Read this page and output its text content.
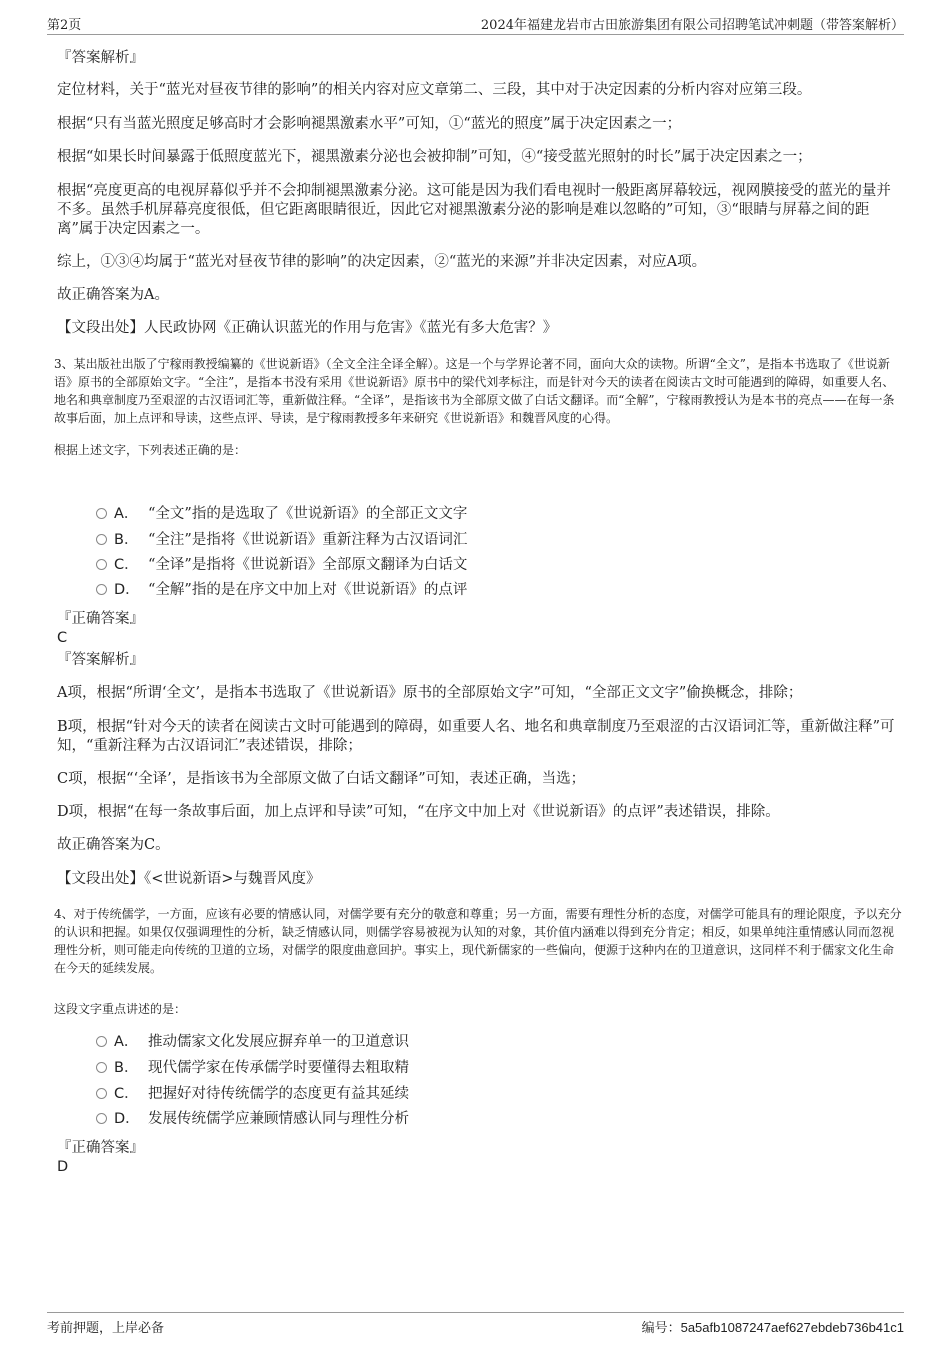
第2页	2024年福建龙岩市古田旅游集团有限公司招聘笔试冲刺题（带答案解析）

『答案解析』

定位材料，关于“蓝光对昼夜节律的影响”的相关内容对应文章第二、三段，其中对于决定因素的分析内容对应第三段。

根据“只有当蓝光照度足够高时才会影响褪黑激素水平”可知，①“蓝光的照度”属于决定因素之一；

根据“如果长时间暴露于低照度蓝光下，褪黑激素分泌也会被抑制”可知，④“接受蓝光照射的时长”属于决定因素之一；

根据“亮度更高的电视屏幕似乎并不会抑制褪黑激素分泌。这可能是因为我们看电视时一般距离屏幕较远，视网膜接受的蓝光的量并不多。虽然手机屏幕亮度很低，但它距离眼睛很近，因此它对褪黑激素分泌的影响是难以忽略的”可知，③“眼睛与屏幕之间的距离”属于决定因素之一。

综上，①③④均属于“蓝光对昼夜节律的影响”的决定因素，②“蓝光的来源”并非决定因素，对应A项。

故正确答案为A。

【文段出处】人民政协网《正确认识蓝光的作用与危害》《蓝光有多大危害？》

3、某出版社出版了宁稼雨教授编纂的《世说新语》（全文全注全译全解）。这是一个与学界论著不同，面向大众的读物。所谓“全文”，是指本书选取了《世说新语》原书的全部原始文字。“全注”，是指本书没有采用《世说新语》原书中的梁代刘孝标注，而是针对今天的读者在阅读古文时可能遇到的障碍，如重要人名、地名和典章制度乃至艰涩的古汉语词汇等，重新做注释。“全译”，是指该书为全部原文做了白话文翻译。而“全解”，宁稼雨教授认为是本书的亮点——在每一条故事后面，加上点评和导读，这些点评、导读，是宁稼雨教授多年来研究《世说新语》和魏晋风度的心得。

根据上述文字，下列表述正确的是：

A． “全文”指的是选取了《世说新语》的全部正文文字
B． “全注”是指将《世说新语》重新注释为古汉语词汇
C． “全译”是指将《世说新语》全部原文翻译为白话文
D． “全解”指的是在序文中加上对《世说新语》的点评

『正确答案』

C

『答案解析』

A项，根据“所谓‘全文’，是指本书选取了《世说新语》原书的全部原始文字”可知，“全部正文文字”偷换概念，排除；

B项，根据“针对今天的读者在阅读古文时可能遇到的障碍，如重要人名、地名和典章制度乃至艰涩的古汉语词汇等，重新做注释”可知，“重新注释为古汉语词汇”表述错误，排除；

C项，根据“‘全译’，是指该书为全部原文做了白话文翻译”可知，表述正确，当选；

D项，根据“在每一条故事后面，加上点评和导读”可知，“在序文中加上对《世说新语》的点评”表述错误，排除。

故正确答案为C。

【文段出处】《<世说新语>与魏晋风度》

4、对于传统儒学，一方面，应该有必要的情感认同，对儒学要有充分的敬意和尊重；另一方面，需要有理性分析的态度，对儒学可能具有的理论限度，予以充分的认识和把握。如果仅仅强调理性的分析，缺乏情感认同，则儒学容易被视为认知的对象，其价值内涵难以得到充分肯定；相反，如果单纯注重情感认同而忽视理性分析，则可能走向传统的卫道的立场，对儒学的限度曲意回护。事实上，现代新儒家的一些偏向，便源于这种内在的卫道意识，这同样不利于儒家文化生命在今天的延续发展。

这段文字重点讲述的是：

A． 推动儒家文化发展应摒弃单一的卫道意识
B． 现代儒学家在传承儒学时要懂得去粗取精
C． 把握好对待传统儒学的态度更有益其延续
D． 发展传统儒学应兼顾情感认同与理性分析

『正确答案』

D

考前押题，上岸必备	编号：5a5afb1087247aef627ebdeb736b41c1
